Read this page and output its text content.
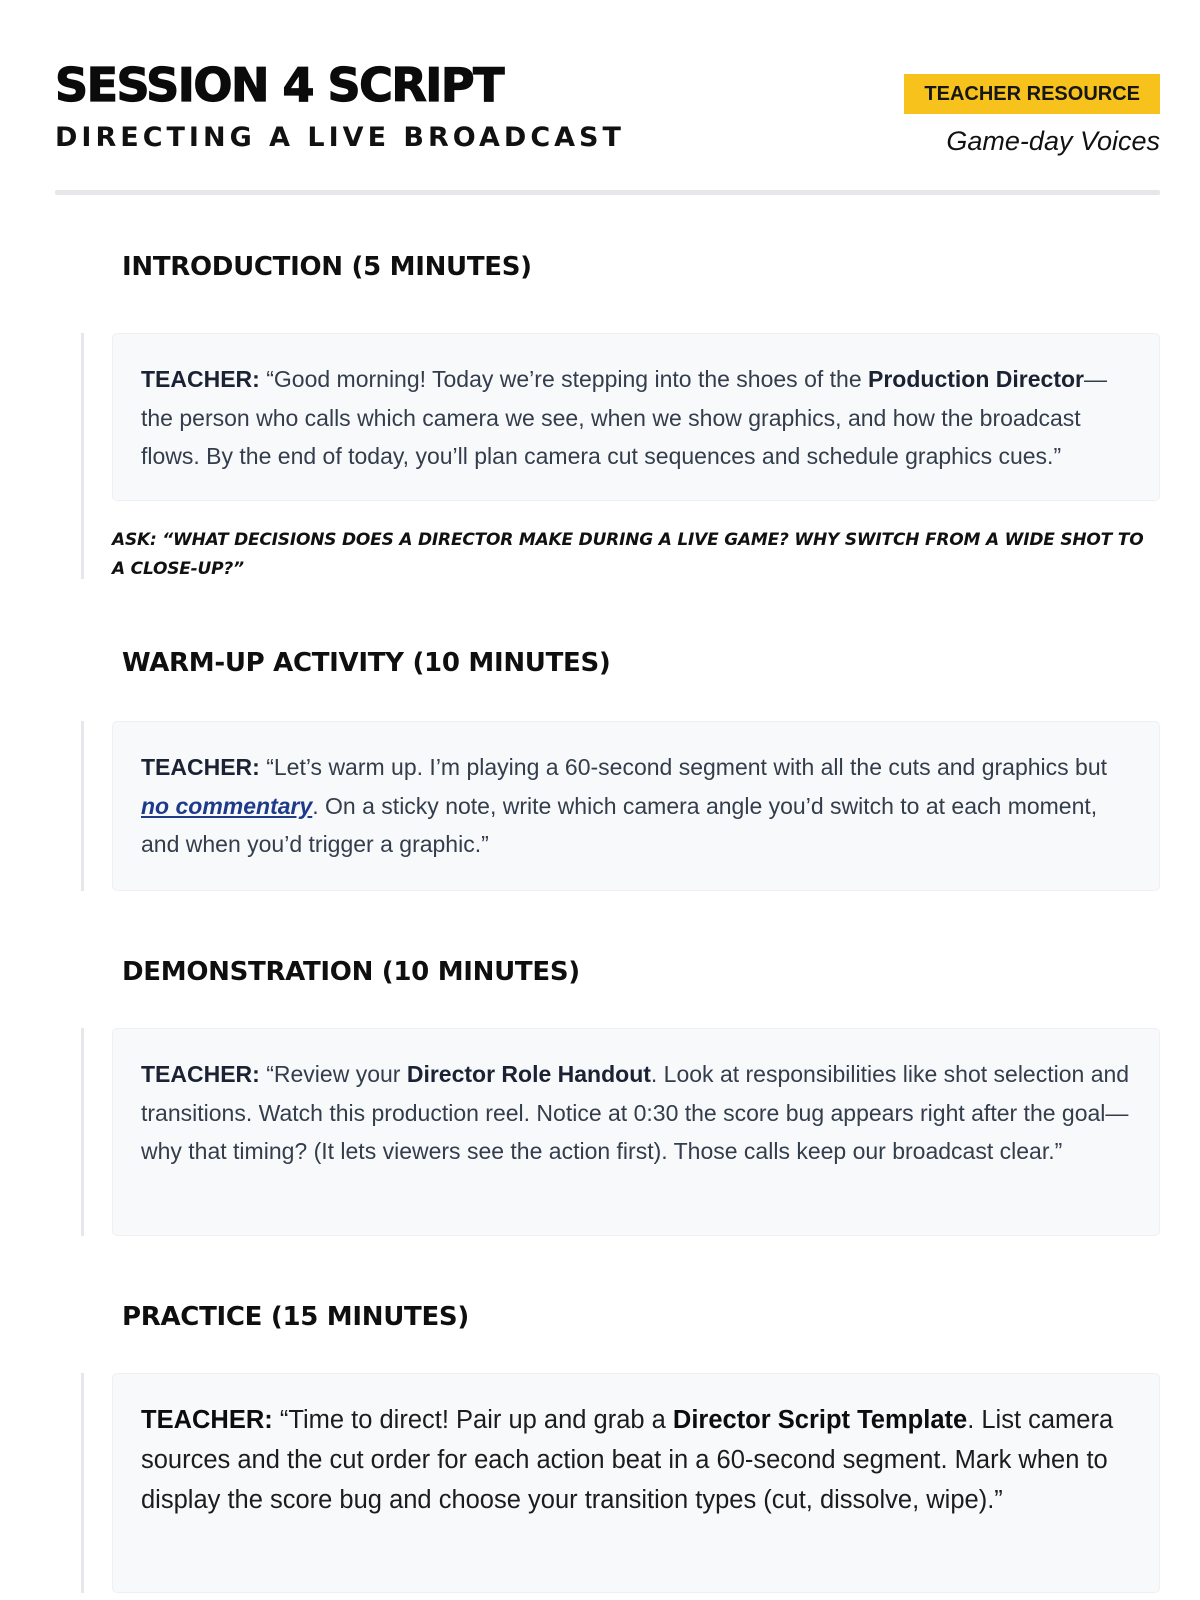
SESSION 4 SCRIPT
DIRECTING A LIVE BROADCAST
TEACHER RESOURCE
Game-day Voices
INTRODUCTION (5 MINUTES)

TEACHER: “Good morning! Today we’re stepping into the shoes of the Production Director—the person who calls which camera we see, when we show graphics, and how the broadcast flows. By the end of today, you’ll plan camera cut sequences and schedule graphics cues.”

ASK: “WHAT DECISIONS DOES A DIRECTOR MAKE DURING A LIVE GAME? WHY SWITCH FROM A WIDE SHOT TO A CLOSE-UP?”

WARM-UP ACTIVITY (10 MINUTES)

TEACHER: “Let’s warm up. I’m playing a 60-second segment with all the cuts and graphics but no commentary. On a sticky note, write which camera angle you’d switch to at each moment, and when you’d trigger a graphic.”

DEMONSTRATION (10 MINUTES)

TEACHER: “Review your Director Role Handout. Look at responsibilities like shot selection and transitions. Watch this production reel. Notice at 0:30 the score bug appears right after the goal—why that timing? (It lets viewers see the action first). Those calls keep our broadcast clear.”

PRACTICE (15 MINUTES)

TEACHER: “Time to direct! Pair up and grab a Director Script Template. List camera sources and the cut order for each action beat in a 60-second segment. Mark when to display the score bug and choose your transition types (cut, dissolve, wipe).”
